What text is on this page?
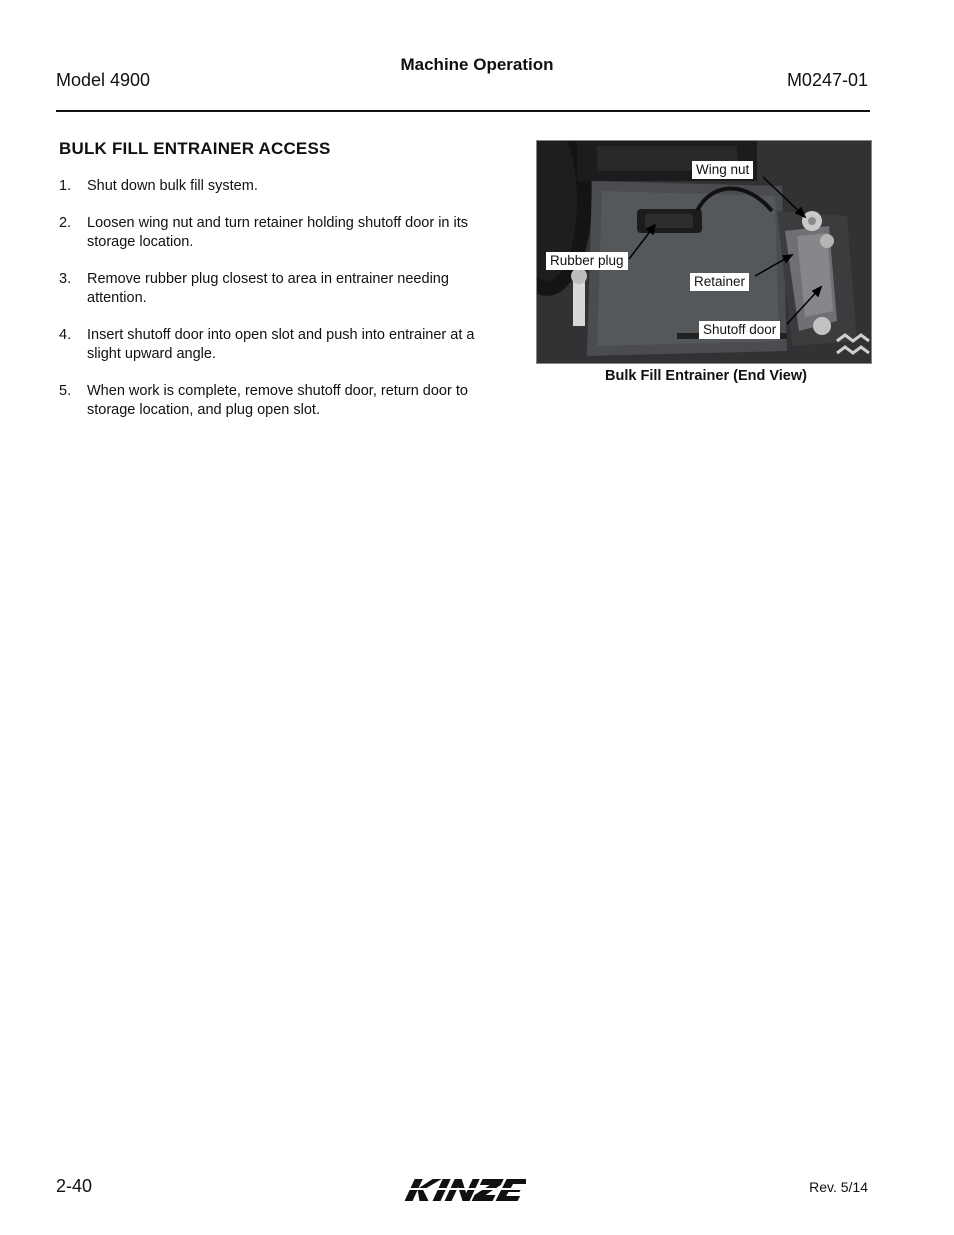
Machine Operation
Model 4900	M0247-01
BULK FILL ENTRAINER ACCESS
1. Shut down bulk fill system.
2. Loosen wing nut and turn retainer holding shutoff door in its storage location.
3. Remove rubber plug closest to area in entrainer needing attention.
4. Insert shutoff door into open slot and push into entrainer at a slight upward angle.
5. When work is complete, remove shutoff door, return door to storage location, and plug open slot.
Wing nut
Rubber plug
Retainer
Shutoff door
Bulk Fill Entrainer (End View)
2-40	Rev. 5/14
